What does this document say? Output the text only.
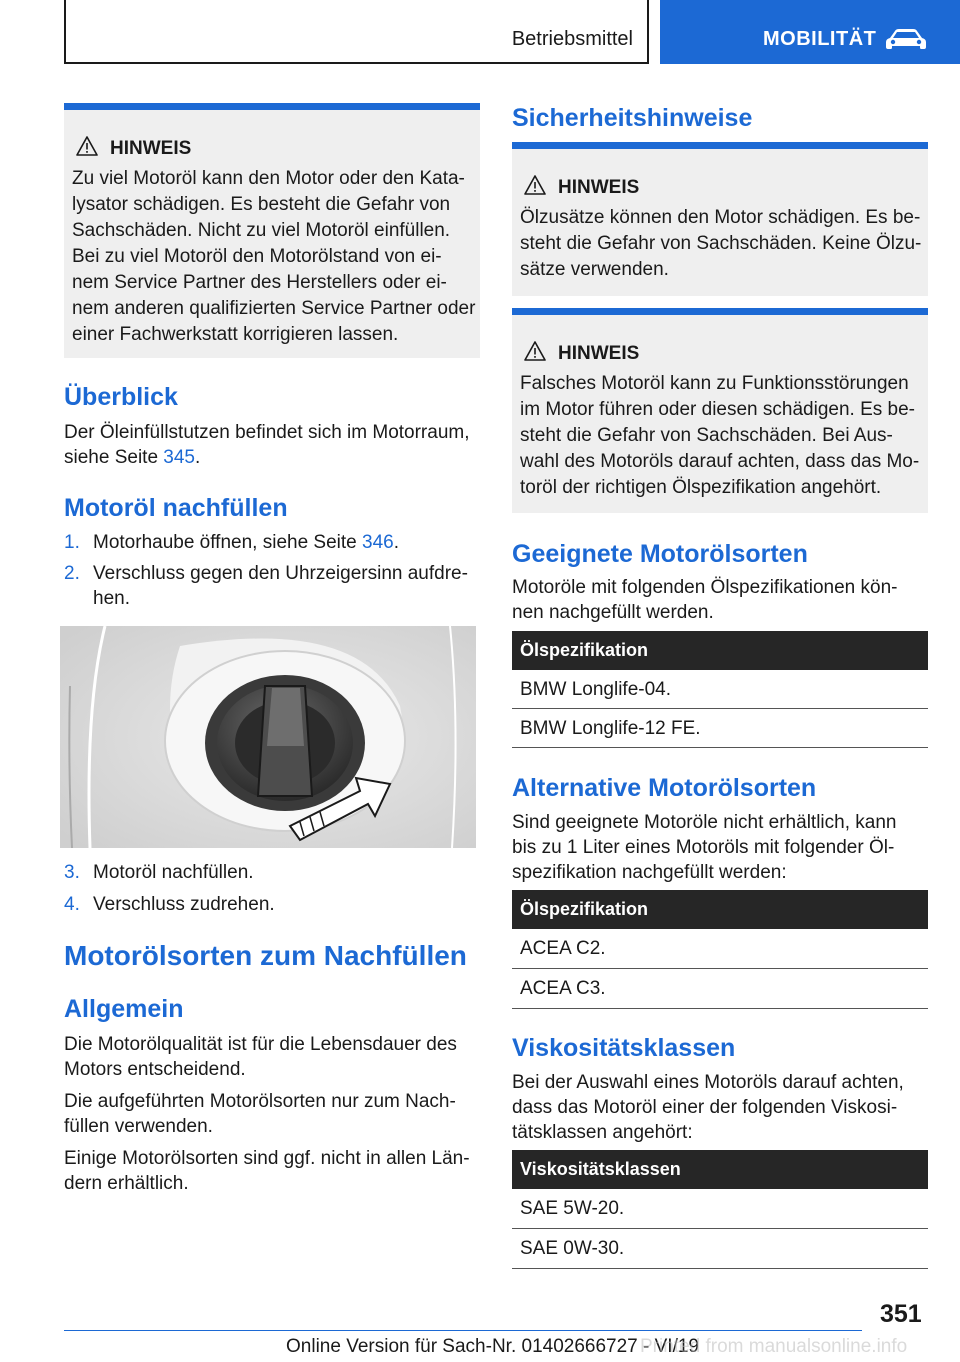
Betriebsmittel	MOBILITÄT
HINWEIS
Zu viel Motoröl kann den Motor oder den Kata-
lysator schädigen. Es besteht die Gefahr von
Sachschäden. Nicht zu viel Motoröl einfüllen.
Bei zu viel Motoröl den Motorölstand von ei-
nem Service Partner des Herstellers oder ei-
nem anderen qualifizierten Service Partner oder
einer Fachwerkstatt korrigieren lassen.
Überblick
Der Öleinfüllstutzen befindet sich im Motorraum,
siehe Seite 345.
Motoröl nachfüllen
1. Motorhaube öffnen, siehe Seite 346.
2. Verschluss gegen den Uhrzeigersinn aufdre-
hen.
3. Motoröl nachfüllen.
4. Verschluss zudrehen.
Motorölsorten zum Nachfüllen
Allgemein
Die Motorölqualität ist für die Lebensdauer des
Motors entscheidend.
Die aufgeführten Motorölsorten nur zum Nach-
füllen verwenden.
Einige Motorölsorten sind ggf. nicht in allen Län-
dern erhältlich.
Sicherheitshinweise
HINWEIS
Ölzusätze können den Motor schädigen. Es be-
steht die Gefahr von Sachschäden. Keine Ölzu-
sätze verwenden.
HINWEIS
Falsches Motoröl kann zu Funktionsstörungen
im Motor führen oder diesen schädigen. Es be-
steht die Gefahr von Sachschäden. Bei Aus-
wahl des Motoröls darauf achten, dass das Mo-
toröl der richtigen Ölspezifikation angehört.
Geeignete Motorölsorten
Motoröle mit folgenden Ölspezifikationen kön-
nen nachgefüllt werden.
Ölspezifikation
BMW Longlife-04.
BMW Longlife-12 FE.
Alternative Motorölsorten
Sind geeignete Motoröle nicht erhältlich, kann
bis zu 1 Liter eines Motoröls mit folgender Öl-
spezifikation nachgefüllt werden:
Ölspezifikation
ACEA C2.
ACEA C3.
Viskositätsklassen
Bei der Auswahl eines Motoröls darauf achten,
dass das Motoröl einer der folgenden Viskosi-
tätsklassen angehört:
Viskositätsklassen
SAE 5W-20.
SAE 0W-30.
351
Online Version für Sach-Nr. 01402666727 - VI/19
Printed from manualsonline.info
